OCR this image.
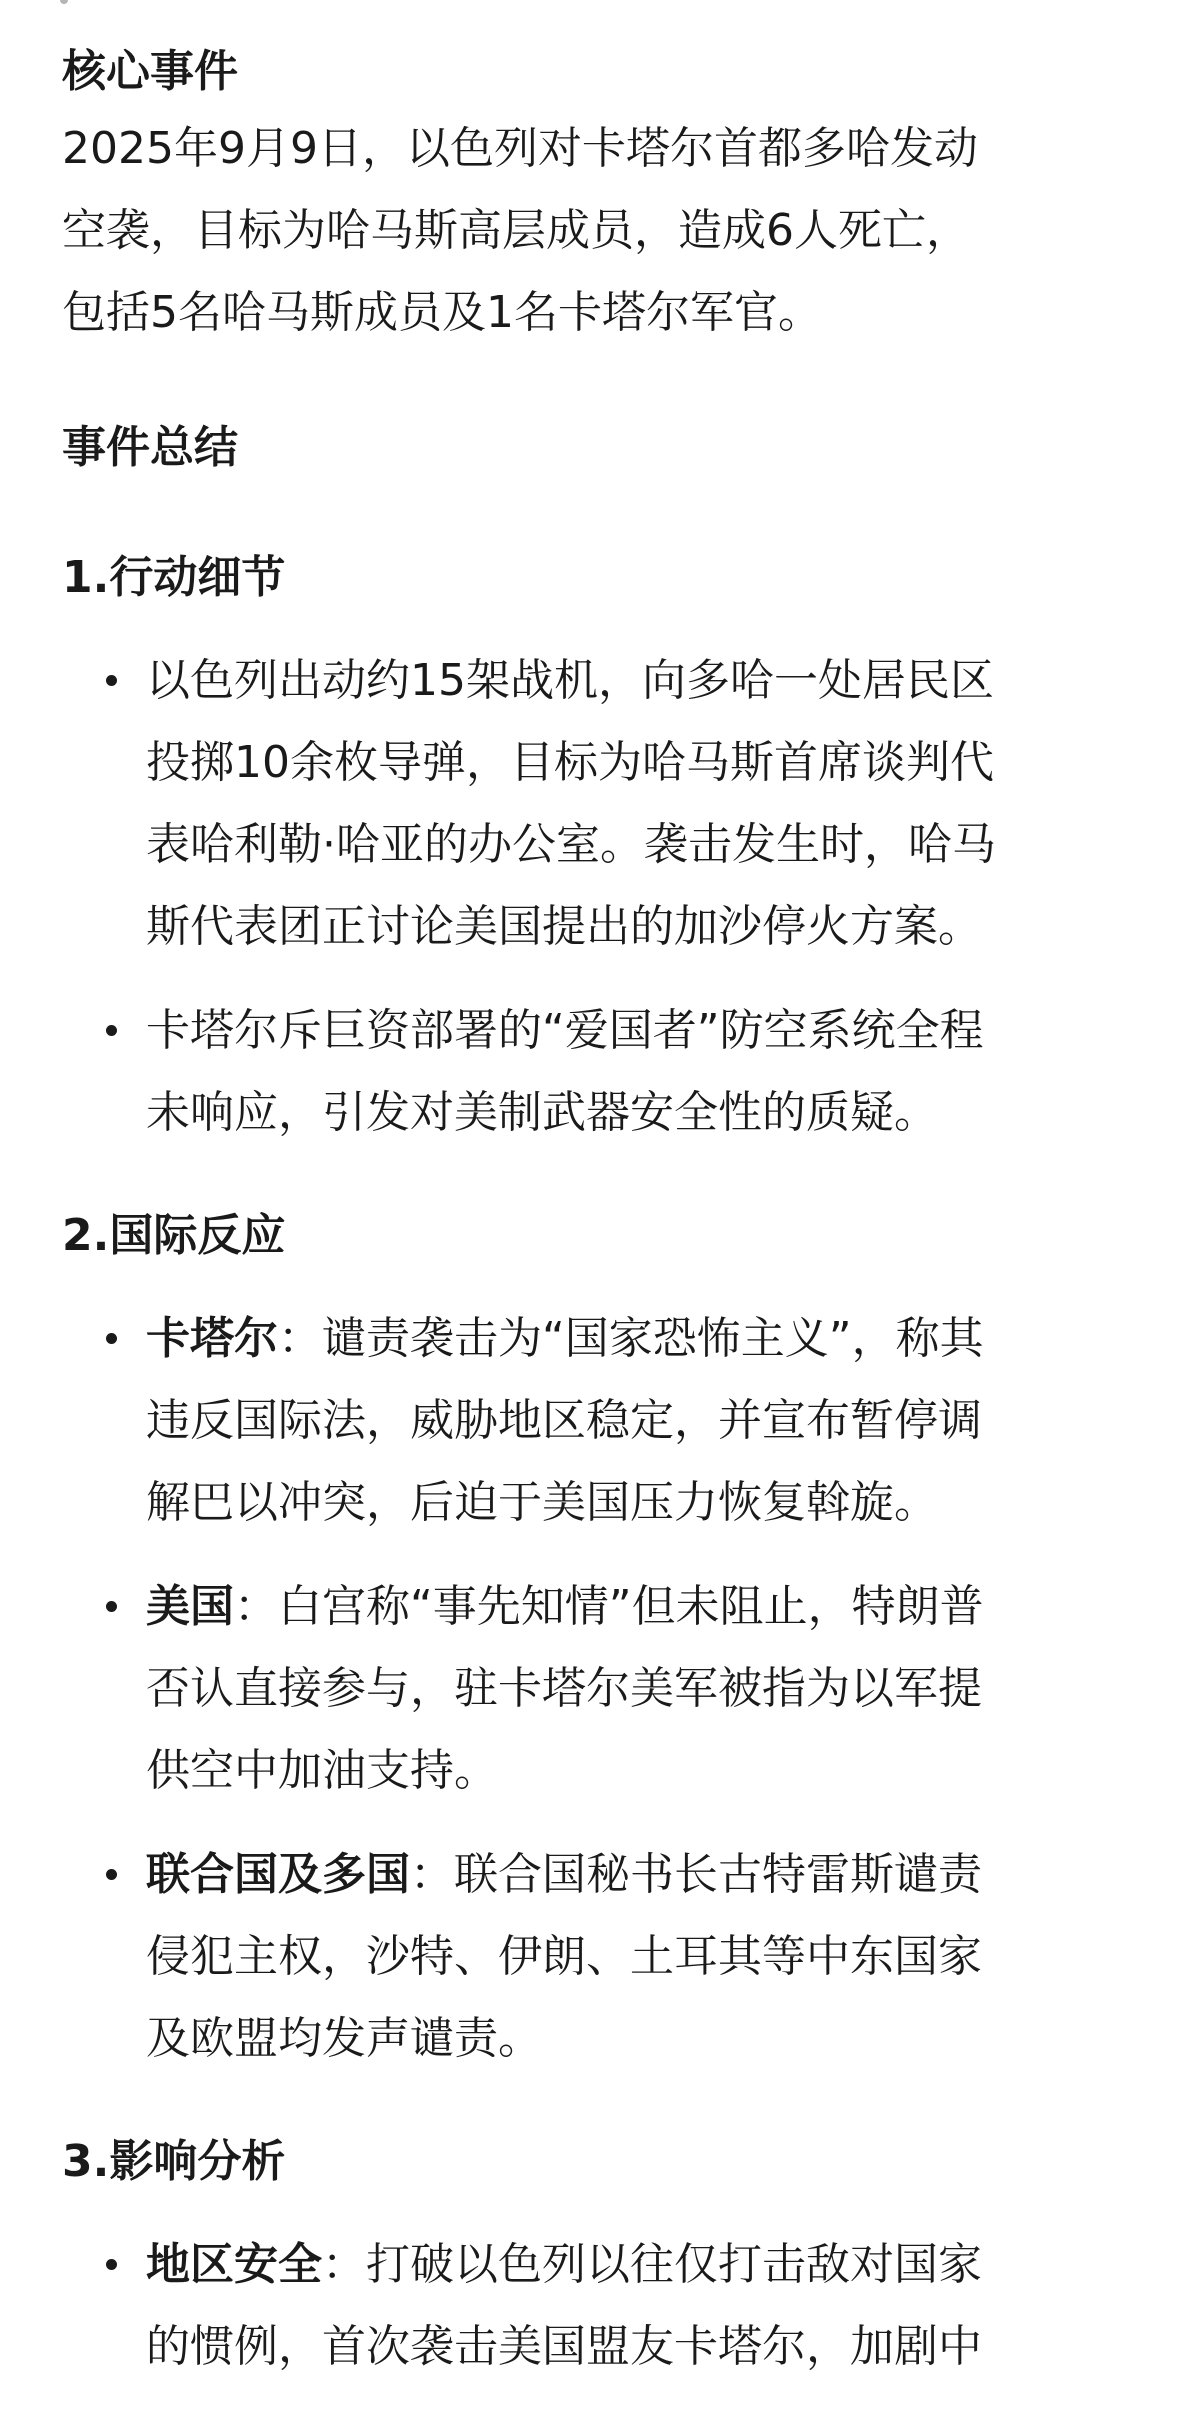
核心事件

2025年9月9日，以色列对卡塔尔首都多哈发动
空袭，目标为哈马斯高层成员，造成6人死亡，
包括5名哈马斯成员及1名卡塔尔军官。

事件总结
1.行动细节
以色列出动约15架战机，向多哈一处居民区
投掷10余枚导弹，目标为哈马斯首席谈判代
表哈利勒·哈亚的办公室。袭击发生时，哈马
斯代表团正讨论美国提出的加沙停火方案。
卡塔尔斥巨资部署的“爱国者”防空系统全程
未响应，引发对美制武器安全性的质疑。
2.国际反应
卡塔尔：谴责袭击为“国家恐怖主义”，称其
违反国际法，威胁地区稳定，并宣布暂停调
解巴以冲突，后迫于美国压力恢复斡旋。
美国：白宫称“事先知情”但未阻止，特朗普
否认直接参与，驻卡塔尔美军被指为以军提
供空中加油支持。
联合国及多国：联合国秘书长古特雷斯谴责
侵犯主权，沙特、伊朗、土耳其等中东国家
及欧盟均发声谴责。
3.影响分析
地区安全：打破以色列以往仅打击敌对国家
的惯例，首次袭击美国盟友卡塔尔，加剧中
